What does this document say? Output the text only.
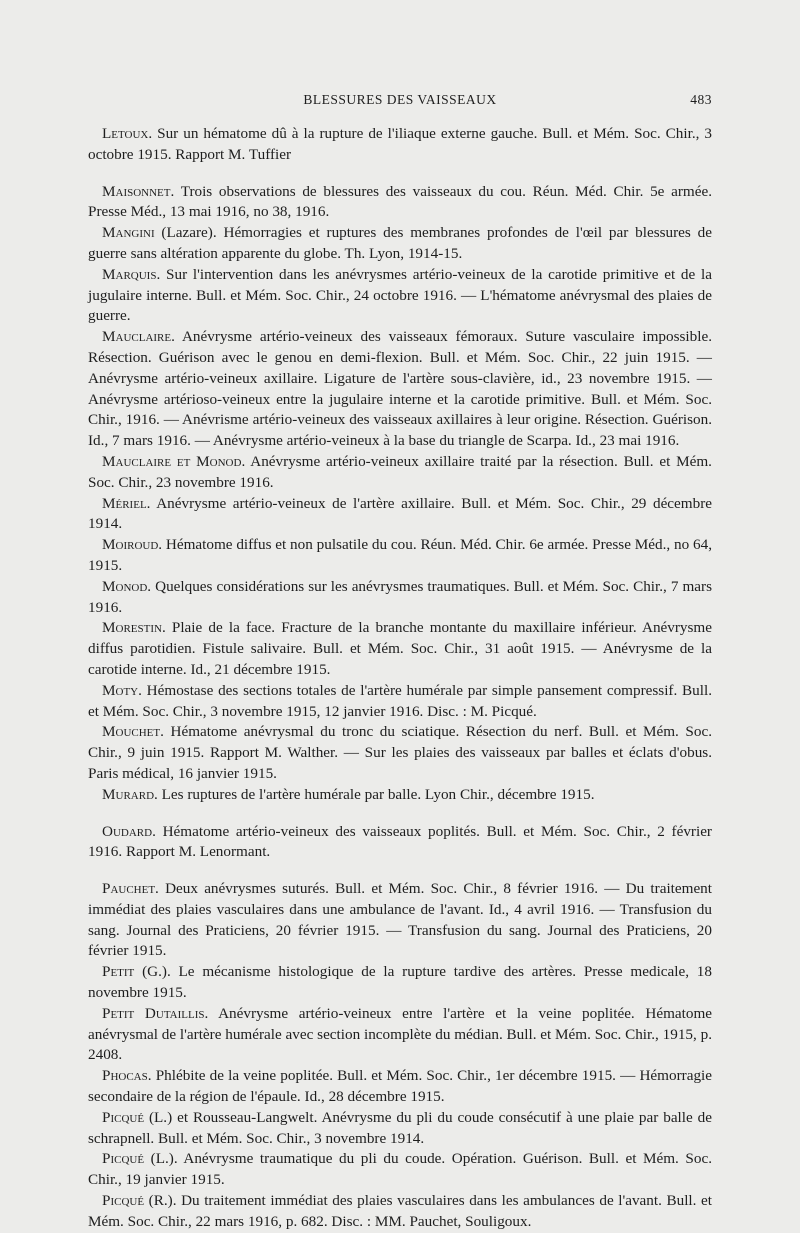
BLESSURES DES VAISSEAUX	483

Letoux. Sur un hématome dû à la rupture de l'iliaque externe gauche. Bull. et Mém. Soc. Chir., 3 octobre 1915. Rapport M. Tuffier

Maisonnet. Trois observations de blessures des vaisseaux du cou. Réun. Méd. Chir. 5e armée. Presse Méd., 13 mai 1916, no 38, 1916.

Mangini (Lazare). Hémorragies et ruptures des membranes profondes de l'œil par blessures de guerre sans altération apparente du globe. Th. Lyon, 1914-15.

Marquis. Sur l'intervention dans les anévrysmes artério-veineux de la carotide primitive et de la jugulaire interne. Bull. et Mém. Soc. Chir., 24 octobre 1916. — L'hématome anévrysmal des plaies de guerre.

Mauclaire. Anévrysme artério-veineux des vaisseaux fémoraux. Suture vasculaire impossible. Résection. Guérison avec le genou en demi-flexion. Bull. et Mém. Soc. Chir., 22 juin 1915. — Anévrysme artério-veineux axillaire. Ligature de l'artère sous-clavière, id., 23 novembre 1915. — Anévrysme artérioso-veineux entre la jugulaire interne et la carotide primitive. Bull. et Mém. Soc. Chir., 1916. — Anévrisme artério-veineux des vaisseaux axillaires à leur origine. Résection. Guérison. Id., 7 mars 1916. — Anévrysme artério-veineux à la base du triangle de Scarpa. Id., 23 mai 1916.

Mauclaire et Monod. Anévrysme artério-veineux axillaire traité par la résection. Bull. et Mém. Soc. Chir., 23 novembre 1916.

Mériel. Anévrysme artério-veineux de l'artère axillaire. Bull. et Mém. Soc. Chir., 29 décembre 1914.

Moiroud. Hématome diffus et non pulsatile du cou. Réun. Méd. Chir. 6e armée. Presse Méd., no 64, 1915.

Monod. Quelques considérations sur les anévrysmes traumatiques. Bull. et Mém. Soc. Chir., 7 mars 1916.

Morestin. Plaie de la face. Fracture de la branche montante du maxillaire inférieur. Anévrysme diffus parotidien. Fistule salivaire. Bull. et Mém. Soc. Chir., 31 août 1915. — Anévrysme de la carotide interne. Id., 21 décembre 1915.

Moty. Hémostase des sections totales de l'artère humérale par simple pansement compressif. Bull. et Mém. Soc. Chir., 3 novembre 1915, 12 janvier 1916. Disc. : M. Picqué.

Mouchet. Hématome anévrysmal du tronc du sciatique. Résection du nerf. Bull. et Mém. Soc. Chir., 9 juin 1915. Rapport M. Walther. — Sur les plaies des vaisseaux par balles et éclats d'obus. Paris médical, 16 janvier 1915.

Murard. Les ruptures de l'artère humérale par balle. Lyon Chir., décembre 1915.

Oudard. Hématome artério-veineux des vaisseaux poplités. Bull. et Mém. Soc. Chir., 2 février 1916. Rapport M. Lenormant.

Pauchet. Deux anévrysmes suturés. Bull. et Mém. Soc. Chir., 8 février 1916. — Du traitement immédiat des plaies vasculaires dans une ambulance de l'avant. Id., 4 avril 1916. — Transfusion du sang. Journal des Praticiens, 20 février 1915. — Transfusion du sang. Journal des Praticiens, 20 février 1915.

Petit (G.). Le mécanisme histologique de la rupture tardive des artères. Presse medicale, 18 novembre 1915.

Petit Dutaillis. Anévrysme artério-veineux entre l'artère et la veine poplitée. Hématome anévrysmal de l'artère humérale avec section incomplète du médian. Bull. et Mém. Soc. Chir., 1915, p. 2408.

Phocas. Phlébite de la veine poplitée. Bull. et Mém. Soc. Chir., 1er décembre 1915. — Hémorragie secondaire de la région de l'épaule. Id., 28 décembre 1915.

Picqué (L.) et Rousseau-Langwelt. Anévrysme du pli du coude consécutif à une plaie par balle de schrapnell. Bull. et Mém. Soc. Chir., 3 novembre 1914.

Picqué (L.). Anévrysme traumatique du pli du coude. Opération. Guérison. Bull. et Mém. Soc. Chir., 19 janvier 1915.

Picqué (R.). Du traitement immédiat des plaies vasculaires dans les ambulances de l'avant. Bull. et Mém. Soc. Chir., 22 mars 1916, p. 682. Disc. : MM. Pauchet, Souligoux.
